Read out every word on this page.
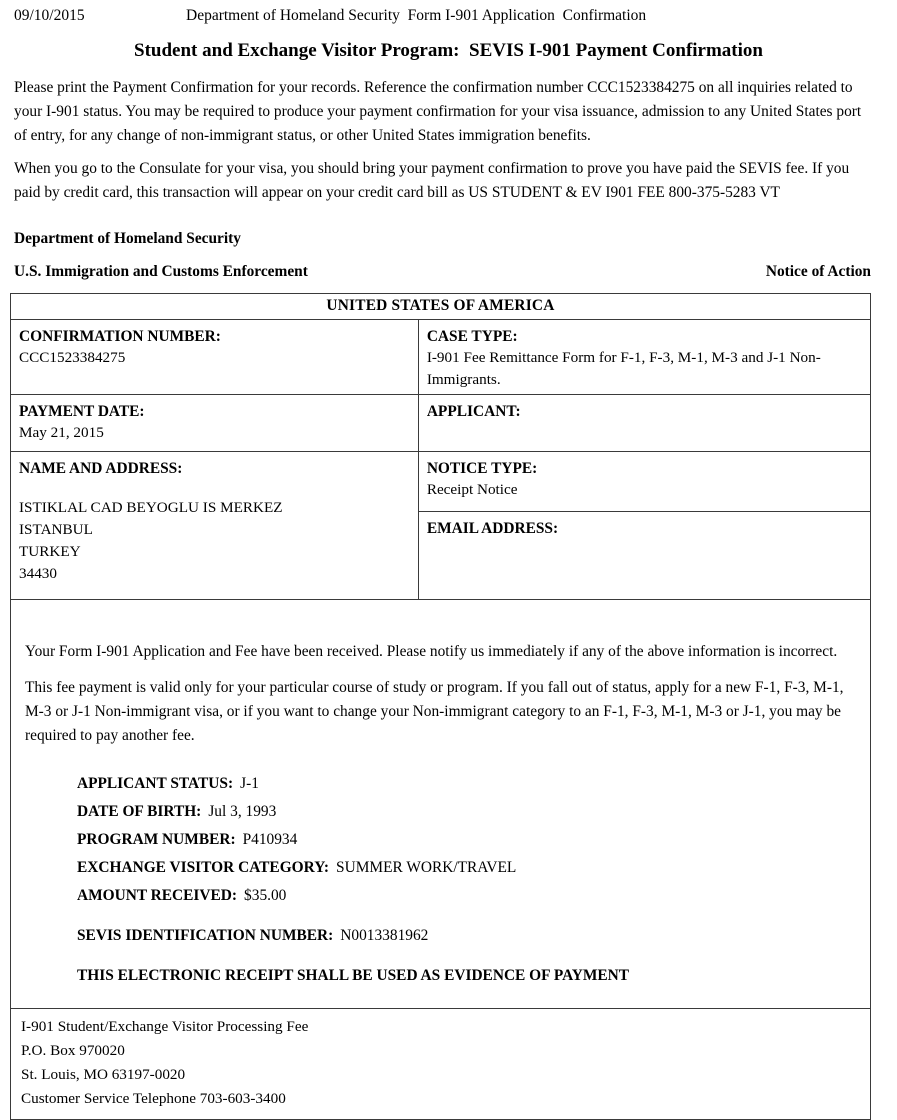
09/10/2015	Department of Homeland Security  Form I-901 Application  Confirmation
Student and Exchange Visitor Program:  SEVIS I-901 Payment Confirmation
Please print the Payment Confirmation for your records. Reference the confirmation number CCC1523384275 on all inquiries related to your I-901 status. You may be required to produce your payment confirmation for your visa issuance, admission to any United States port of entry, for any change of non-immigrant status, or other United States immigration benefits.
When you go to the Consulate for your visa, you should bring your payment confirmation to prove you have paid the SEVIS fee. If you paid by credit card, this transaction will appear on your credit card bill as US STUDENT & EV I901 FEE 800-375-5283 VT
Department of Homeland Security
U.S. Immigration and Customs Enforcement	Notice of Action
UNITED STATES OF AMERICA
CONFIRMATION NUMBER:
CCC1523384275
PAYMENT DATE:
May 21, 2015
NAME AND ADDRESS:
ISTIKLAL CAD BEYOGLU IS MERKEZ
ISTANBUL
TURKEY
34430
CASE TYPE:
I-901 Fee Remittance Form for F-1, F-3, M-1, M-3 and J-1 Non-Immigrants.
APPLICANT:
NOTICE TYPE:
Receipt Notice
EMAIL ADDRESS:

Your Form I-901 Application and Fee have been received. Please notify us immediately if any of the above information is incorrect.

This fee payment is valid only for your particular course of study or program. If you fall out of status, apply for a new F-1, F-3, M-1, M-3 or J-1 Non-immigrant visa, or if you want to change your Non-immigrant category to an F-1, F-3, M-1, M-3 or J-1, you may be required to pay another fee.

APPLICANT STATUS: J-1
DATE OF BIRTH: Jul 3, 1993
PROGRAM NUMBER: P410934
EXCHANGE VISITOR CATEGORY: SUMMER WORK/TRAVEL
AMOUNT RECEIVED: $35.00
SEVIS IDENTIFICATION NUMBER: N0013381962
THIS ELECTRONIC RECEIPT SHALL BE USED AS EVIDENCE OF PAYMENT
I-901 Student/Exchange Visitor Processing Fee
P.O. Box 970020
St. Louis, MO 63197-0020
Customer Service Telephone 703-603-3400
